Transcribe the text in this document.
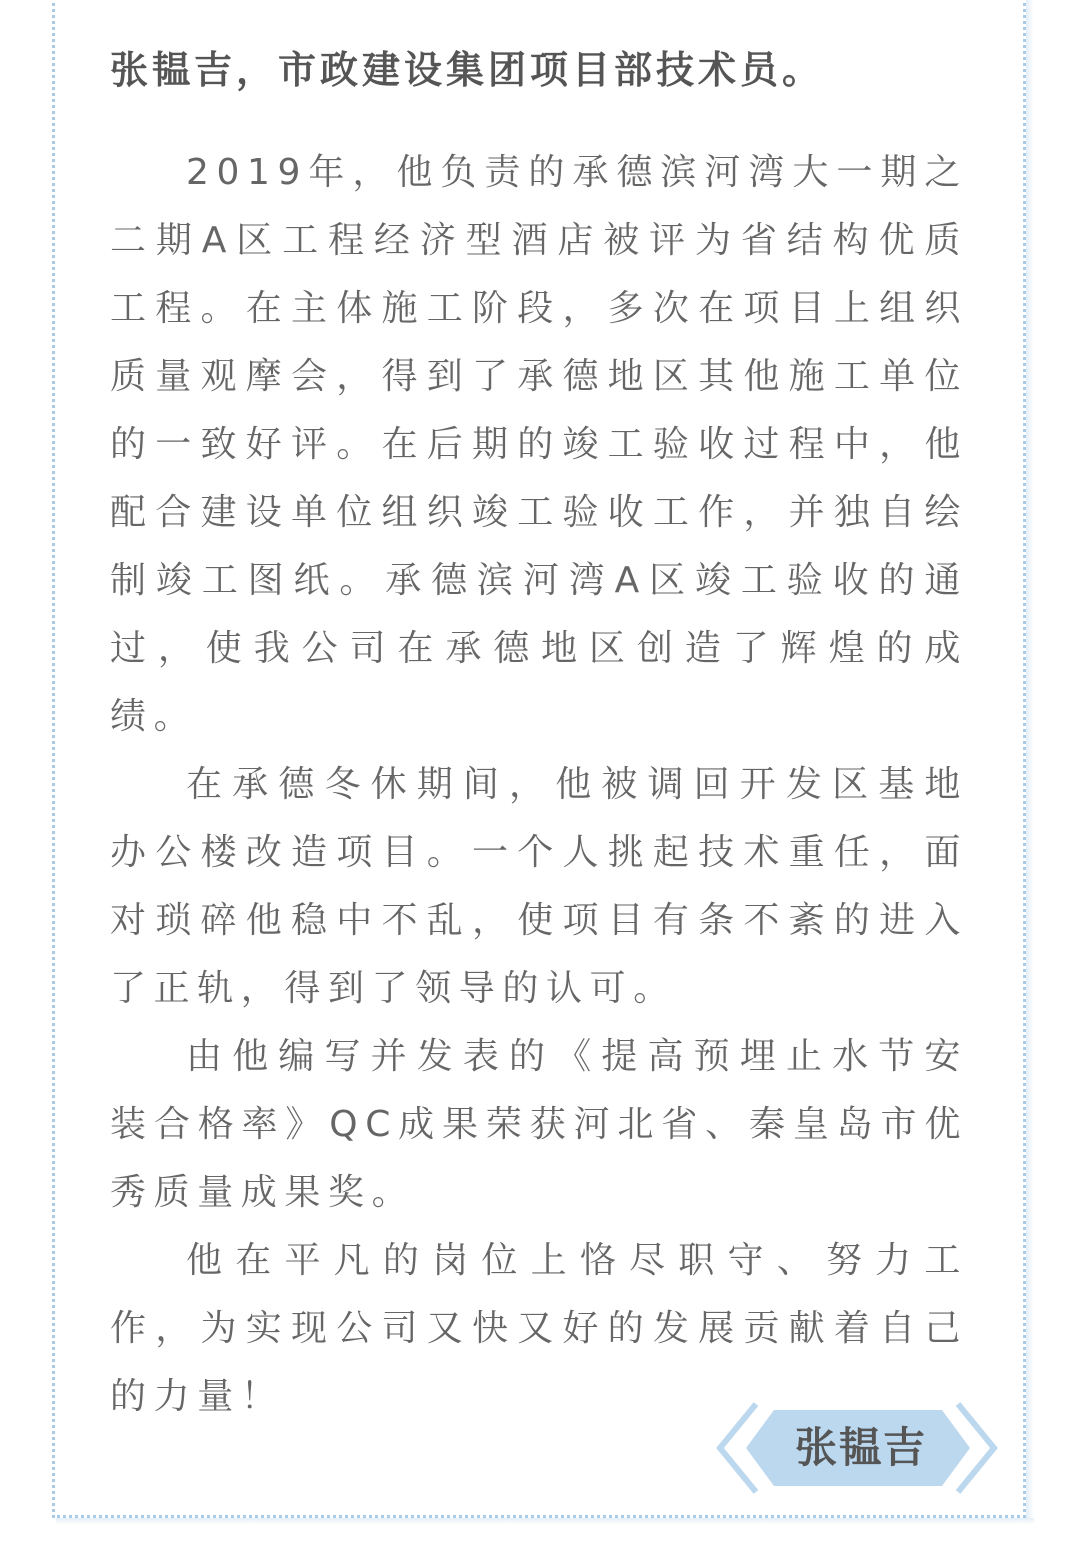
张韫吉，市政建设集团项目部技术员。

2019年，他负责的承德滨河湾大一期之二期A区工程经济型酒店被评为省结构优质工程。在主体施工阶段，多次在项目上组织质量观摩会，得到了承德地区其他施工单位的一致好评。在后期的竣工验收过程中，他配合建设单位组织竣工验收工作，并独自绘制竣工图纸。承德滨河湾A区竣工验收的通过，使我公司在承德地区创造了辉煌的成绩。

在承德冬休期间，他被调回开发区基地办公楼改造项目。一个人挑起技术重任，面对琐碎他稳中不乱，使项目有条不紊的进入了正轨，得到了领导的认可。

由他编写并发表的《提高预埋止水节安装合格率》QC成果荣获河北省、秦皇岛市优秀质量成果奖。

他在平凡的岗位上恪尽职守、努力工作，为实现公司又快又好的发展贡献着自己的力量！

张韫吉
